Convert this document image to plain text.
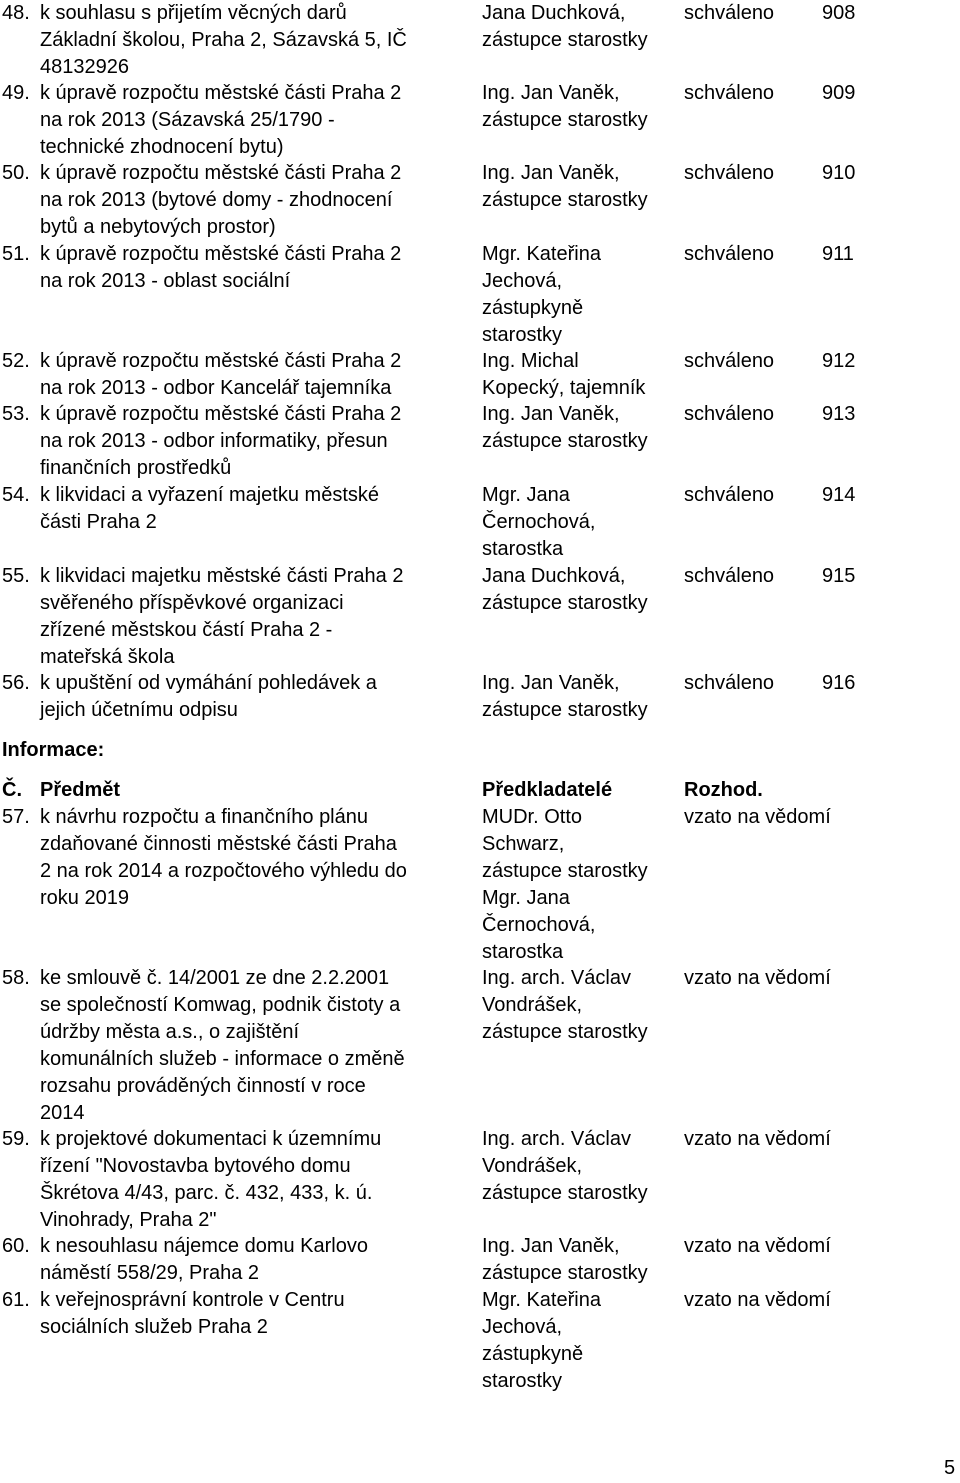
48. k souhlasu s přijetím věcných darů
Základní školou, Praha 2, Sázavská 5, IČ
48132926
Jana Duchková,
zástupce starostky
schváleno 908
49. k úpravě rozpočtu městské části Praha 2
na rok 2013 (Sázavská 25/1790 -
technické zhodnocení bytu)
Ing. Jan Vaněk,
zástupce starostky
schváleno 909
50. k úpravě rozpočtu městské části Praha 2
na rok 2013 (bytové domy - zhodnocení
bytů a nebytových prostor)
Ing. Jan Vaněk,
zástupce starostky
schváleno 910
51. k úpravě rozpočtu městské části Praha 2
na rok 2013 - oblast sociální
Mgr. Kateřina
Jechová,
zástupkyně
starostky
schváleno 911
52. k úpravě rozpočtu městské části Praha 2
na rok 2013 - odbor Kancelář tajemníka
Ing. Michal
Kopecký, tajemník
schváleno 912
53. k úpravě rozpočtu městské části Praha 2
na rok 2013 - odbor informatiky, přesun
finančních prostředků
Ing. Jan Vaněk,
zástupce starostky
schváleno 913
54. k likvidaci a vyřazení majetku městské
části Praha 2
Mgr. Jana
Černochová,
starostka
schváleno 914
55. k likvidaci majetku městské části Praha 2
svěřeného příspěvkové organizaci
zřízené městskou částí Praha 2 -
mateřská škola
Jana Duchková,
zástupce starostky
schváleno 915
56. k upuštění od vymáhání pohledávek a
jejich účetnímu odpisu
Ing. Jan Vaněk,
zástupce starostky
schváleno 916
Informace:
Č. Předmět	Předkladatelé	Rozhod.
57. k návrhu rozpočtu a finančního plánu
zdaňované činnosti městské části Praha
2 na rok 2014 a rozpočtového výhledu do
roku 2019
MUDr. Otto
Schwarz,
zástupce starostky
Mgr. Jana
Černochová,
starostka
vzato na vědomí
58. ke smlouvě č. 14/2001 ze dne 2.2.2001
se společností Komwag, podnik čistoty a
údržby města a.s., o zajištění
komunálních služeb - informace o změně
rozsahu prováděných činností v roce
2014
Ing. arch. Václav
Vondrášek,
zástupce starostky
vzato na vědomí
59. k projektové dokumentaci k územnímu
řízení "Novostavba bytového domu
Škrétova 4/43, parc. č. 432, 433, k. ú.
Vinohrady, Praha 2"
Ing. arch. Václav
Vondrášek,
zástupce starostky
vzato na vědomí
60. k nesouhlasu nájemce domu Karlovo
náměstí 558/29, Praha 2
Ing. Jan Vaněk,
zástupce starostky
vzato na vědomí
61. k veřejnosprávní kontrole v Centru
sociálních služeb Praha 2
Mgr. Kateřina
Jechová,
zástupkyně
starostky
vzato na vědomí
5
